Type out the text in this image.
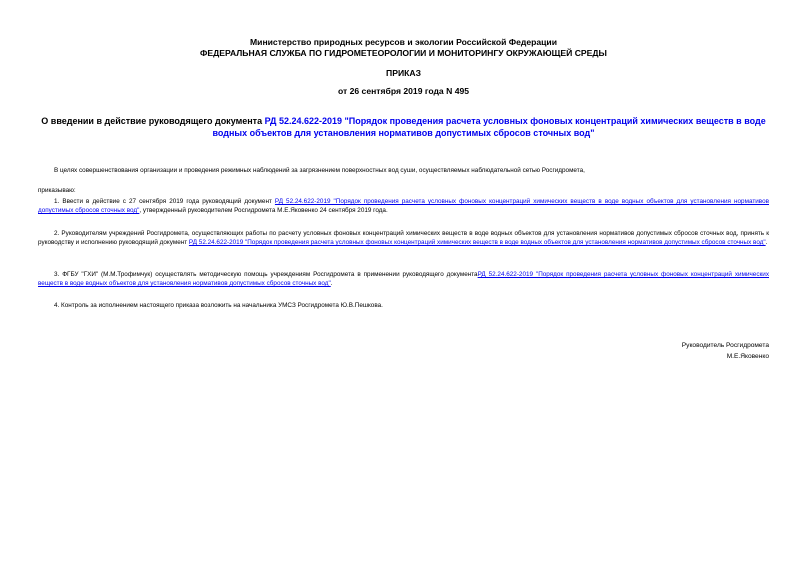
Министерство природных ресурсов и экологии Российской Федерации
ФЕДЕРАЛЬНАЯ СЛУЖБА ПО ГИДРОМЕТЕОРОЛОГИИ И МОНИТОРИНГУ ОКРУЖАЮЩЕЙ СРЕДЫ
ПРИКАЗ
от 26 сентября 2019 года N 495
О введении в действие руководящего документа РД 52.24.622-2019 "Порядок проведения расчета условных фоновых концентраций химических веществ в воде водных объектов для установления нормативов допустимых сбросов сточных вод"

В целях совершенствования организации и проведения режимных наблюдений за загрязнением поверхностных вод суши, осуществляемых наблюдательной сетью Росгидромета,

приказываю:

1. Ввести в действие с 27 сентября 2019 года руководящий документ РД 52.24.622-2019 "Порядок проведения расчета условных фоновых концентраций химических веществ в воде водных объектов для установления нормативов допустимых сбросов сточных вод", утвержденный руководителем Росгидромета М.Е.Яковенко 24 сентября 2019 года.

2. Руководителям учреждений Росгидромета, осуществляющих работы по расчету условных фоновых концентраций химических веществ в воде водных объектов для установления нормативов допустимых сбросов сточных вод, принять к руководству и исполнению руководящий документ РД 52.24.622-2019 "Порядок проведения расчета условных фоновых концентраций химических веществ в воде водных объектов для установления нормативов допустимых сбросов сточных вод".

3. ФГБУ "ГХИ" (М.М.Трофимчук) осуществлять методическую помощь учреждениям Росгидромета в применении руководящего документаРД 52.24.622-2019 "Порядок проведения расчета условных фоновых концентраций химических веществ в воде водных объектов для установления нормативов допустимых сбросов сточных вод".

4. Контроль за исполнением настоящего приказа возложить на начальника УМСЗ Росгидромета Ю.В.Пешкова.

Руководитель Росгидромета
М.Е.Яковенко
